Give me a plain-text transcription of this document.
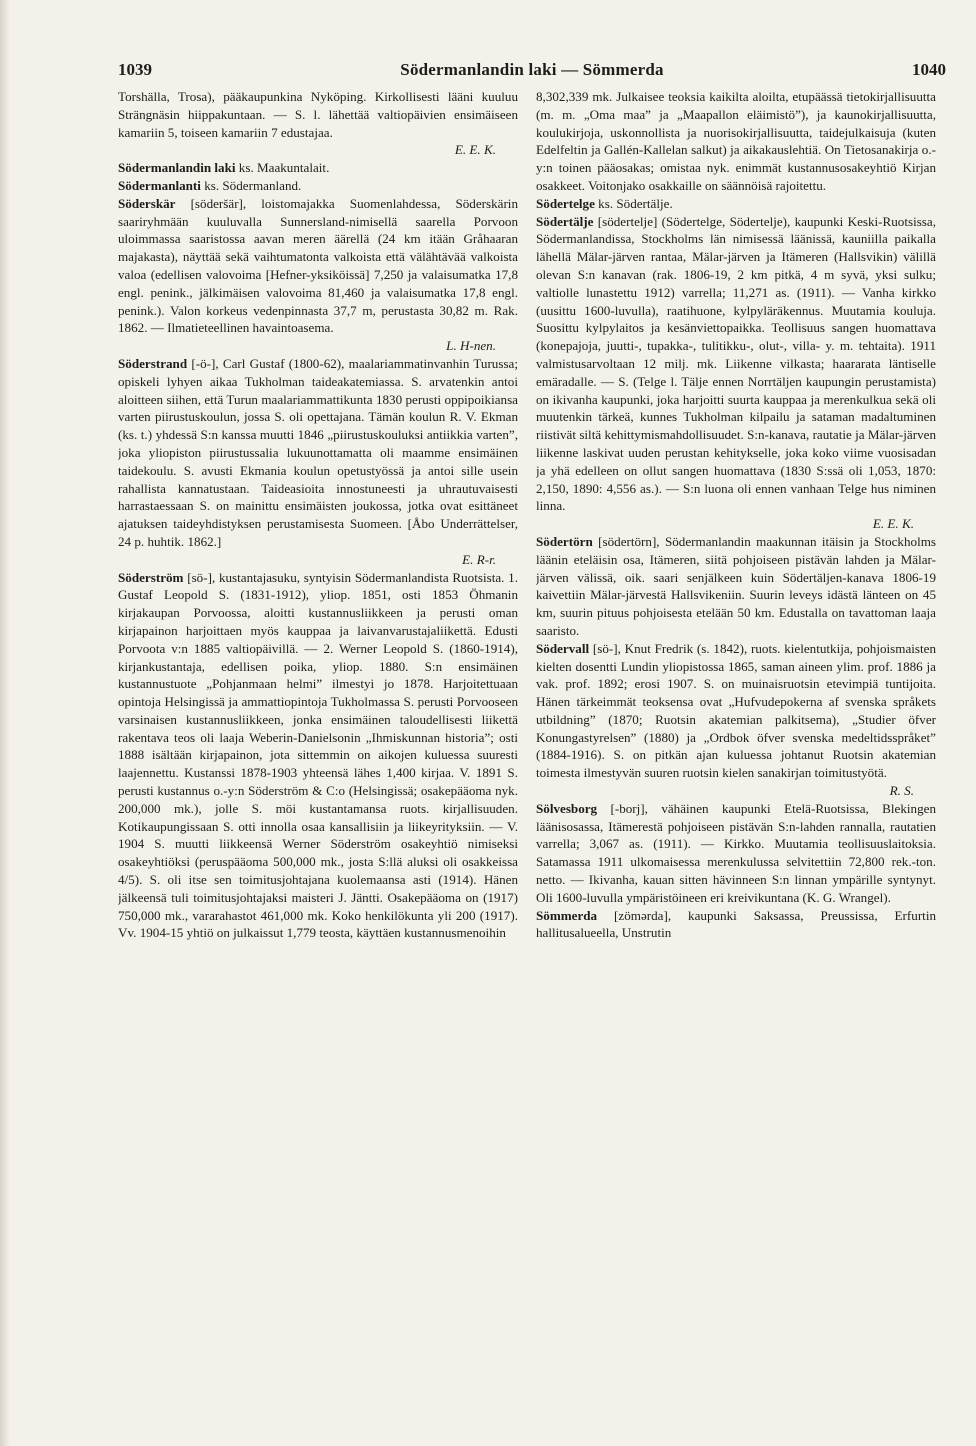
1039	Södermanlandin laki — Sömmerda	1040

Torshälla, Trosa), pääkaupunkina Nyköping. Kirkollisesti lääni kuuluu Strängnäsin hiippakuntaan. — S. l. lähettää valtiopäivien ensimäiseen kamariin 5, toiseen kamariin 7 edustajaa.

E. E. K.

Södermanlandin laki ks. Maakuntalait.

Södermanlanti ks. Södermanland.

Söderskär [söderšär], loistomajakka Suomenlahdessa, Söderskärin saariryhmään kuuluvalla Sunnersland-nimisellä saarella Porvoon uloimmassa saaristossa aavan meren äärellä (24 km itään Gråhaaran majakasta), näyttää sekä vaihtumatonta valkoista että välähtävää valkoista valoa (edellisen valovoima [Hefner-yksiköissä] 7,250 ja valaisumatka 17,8 engl. penink., jälkimäisen valovoima 81,460 ja valaisumatka 17,8 engl. penink.). Valon korkeus vedenpinnasta 37,7 m, perustasta 30,82 m. Rak. 1862. — Ilmatieteellinen havaintoasema.

L. H-nen.

Söderstrand [-ö-], Carl Gustaf (1800-62), maalariammatinvanhin Turussa; opiskeli lyhyen aikaa Tukholman taideakatemiassa. S. arvatenkin antoi aloitteen siihen, että Turun maalariammattikunta 1830 perusti oppipoikiansa varten piirustuskoulun, jossa S. oli opettajana. Tämän koulun R. V. Ekman (ks. t.) yhdessä S:n kanssa muutti 1846 „piirustuskouluksi antiikkia varten”, joka yliopiston piirustussalia lukuunottamatta oli maamme ensimäinen taidekoulu. S. avusti Ekmania koulun opetustyössä ja antoi sille usein rahallista kannatustaan. Taideasioita innostuneesti ja uhrautuvaisesti harrastaessaan S. on mainittu ensimäisten joukossa, jotka ovat esittäneet ajatuksen taideyhdistyksen perustamisesta Suomeen. [Åbo Underrättelser, 24 p. huhtik. 1862.]

E. R-r.

Söderström [sö-], kustantajasuku, syntyisin Södermanlandista Ruotsista. 1. Gustaf Leopold S. (1831-1912), yliop. 1851, osti 1853 Öhmanin kirjakaupan Porvoossa, aloitti kustannusliikkeen ja perusti oman kirjapainon harjoittaen myös kauppaa ja laivanvarustajaliikettä. Edusti Porvoota v:n 1885 valtiopäivillä. — 2. Werner Leopold S. (1860-1914), kirjankustantaja, edellisen poika, yliop. 1880. S:n ensimäinen kustannustuote „Pohjanmaan helmi” ilmestyi jo 1878. Harjoitettuaan opintoja Helsingissä ja ammattiopintoja Tukholmassa S. perusti Porvooseen varsinaisen kustannusliikkeen, jonka ensimäinen taloudellisesti liikettä rakentava teos oli laaja Weberin-Danielsonin „Ihmiskunnan historia”; osti 1888 isältään kirjapainon, jota sittemmin on aikojen kuluessa suuresti laajennettu. Kustanssi 1878-1903 yhteensä lähes 1,400 kirjaa. V. 1891 S. perusti kustannus o.-y:n Söderström & C:o (Helsingissä; osakepääoma nyk. 200,000 mk.), jolle S. möi kustantamansa ruots. kirjallisuuden. Kotikaupungissaan S. otti innolla osaa kansallisiin ja liikeyrityksiin. — V. 1904 S. muutti liikkeensä Werner Söderström osakeyhtiö nimiseksi osakeyhtiöksi (peruspääoma 500,000 mk., josta S:llä aluksi oli osakkeissa 4/5). S. oli itse sen toimitusjohtajana kuolemaansa asti (1914). Hänen jälkeensä tuli toimitusjohtajaksi maisteri J. Jäntti. Osakepääoma on (1917) 750,000 mk., vararahastot 461,000 mk. Koko henkilökunta yli 200 (1917). Vv. 1904-15 yhtiö on julkaissut 1,779 teosta, käyttäen kustannusmenoihin

8,302,339 mk. Julkaisee teoksia kaikilta aloilta, etupäässä tietokirjallisuutta (m. m. „Oma maa” ja „Maapallon eläimistö”), ja kaunokirjallisuutta, koulukirjoja, uskonnollista ja nuorisokirjallisuutta, taidejulkaisuja (kuten Edelfeltin ja Gallén-Kallelan salkut) ja aikakauslehtiä. On Tietosanakirja o.-y:n toinen pääosakas; omistaa nyk. enimmät kustannusosakeyhtiö Kirjan osakkeet. Voitonjako osakkaille on säännöisä rajoitettu.

Södertelge ks. Södertälje.

Södertälje [södertelje] (Södertelge, Södertelje), kaupunki Keski-Ruotsissa, Södermanlandissa, Stockholms län nimisessä läänissä, kauniilla paikalla lähellä Mälar-järven rantaa, Mälar-järven ja Itämeren (Hallsvikin) välillä olevan S:n kanavan (rak. 1806-19, 2 km pitkä, 4 m syvä, yksi sulku; valtiolle lunastettu 1912) varrella; 11,271 as. (1911). — Vanha kirkko (uusittu 1600-luvulla), raatihuone, kylpyläräkennus. Muutamia kouluja. Suosittu kylpylaitos ja kesänviettopaikka. Teollisuus sangen huomattava (konepajoja, juutti-, tupakka-, tulitikku-, olut-, villa- y. m. tehtaita). 1911 valmistusarvoltaan 12 milj. mk. Liikenne vilkasta; haararata läntiselle emäradalle. — S. (Telge l. Tälje ennen Norrtäljen kaupungin perustamista) on ikivanha kaupunki, joka harjoitti suurta kauppaa ja merenkulkua sekä oli muutenkin tärkeä, kunnes Tukholman kilpailu ja sataman madaltuminen riistivät siltä kehittymismahdollisuudet. S:n-kanava, rautatie ja Mälar-järven liikenne laskivat uuden perustan kehitykselle, joka koko viime vuosisadan ja yhä edelleen on ollut sangen huomattava (1830 S:ssä oli 1,053, 1870: 2,150, 1890: 4,556 as.). — S:n luona oli ennen vanhaan Telge hus niminen linna.

E. E. K.

Södertörn [södertörn], Södermanlandin maakunnan itäisin ja Stockholms läänin eteläisin osa, Itämeren, siitä pohjoiseen pistävän lahden ja Mälar-järven välissä, oik. saari senjälkeen kuin Södertäljen-kanava 1806-19 kaivettiin Mälar-järvestä Hallsvikeniin. Suurin leveys idästä länteen on 45 km, suurin pituus pohjoisesta etelään 50 km. Edustalla on tavattoman laaja saaristo.

Södervall [sö-], Knut Fredrik (s. 1842), ruots. kielentutkija, pohjoismaisten kielten dosentti Lundin yliopistossa 1865, saman aineen ylim. prof. 1886 ja vak. prof. 1892; erosi 1907. S. on muinaisruotsin etevimpiä tuntijoita. Hänen tärkeimmät teoksensa ovat „Hufvudepokerna af svenska språkets utbildning” (1870; Ruotsin akatemian palkitsema), „Studier öfver Konungastyrelsen” (1880) ja „Ordbok öfver svenska medeltidsspråket” (1884-1916). S. on pitkän ajan kuluessa johtanut Ruotsin akatemian toimesta ilmestyvän suuren ruotsin kielen sanakirjan toimitustyötä.

R. S.

Sölvesborg [-borj], vähäinen kaupunki Etelä-Ruotsissa, Blekingen läänisosassa, Itämerestä pohjoiseen pistävän S:n-lahden rannalla, rautatien varrella; 3,067 as. (1911). — Kirkko. Muutamia teollisuuslaitoksia. Satamassa 1911 ulkomaisessa merenkulussa selvitettiin 72,800 rek.-ton. netto. — Ikivanha, kauan sitten hävinneen S:n linnan ympärille syntynyt. Oli 1600-luvulla ympäristöineen eri kreivikuntana (K. G. Wrangel).

Sömmerda [zömərda], kaupunki Saksassa, Preussissa, Erfurtin hallitusalueella, Unstrutin
